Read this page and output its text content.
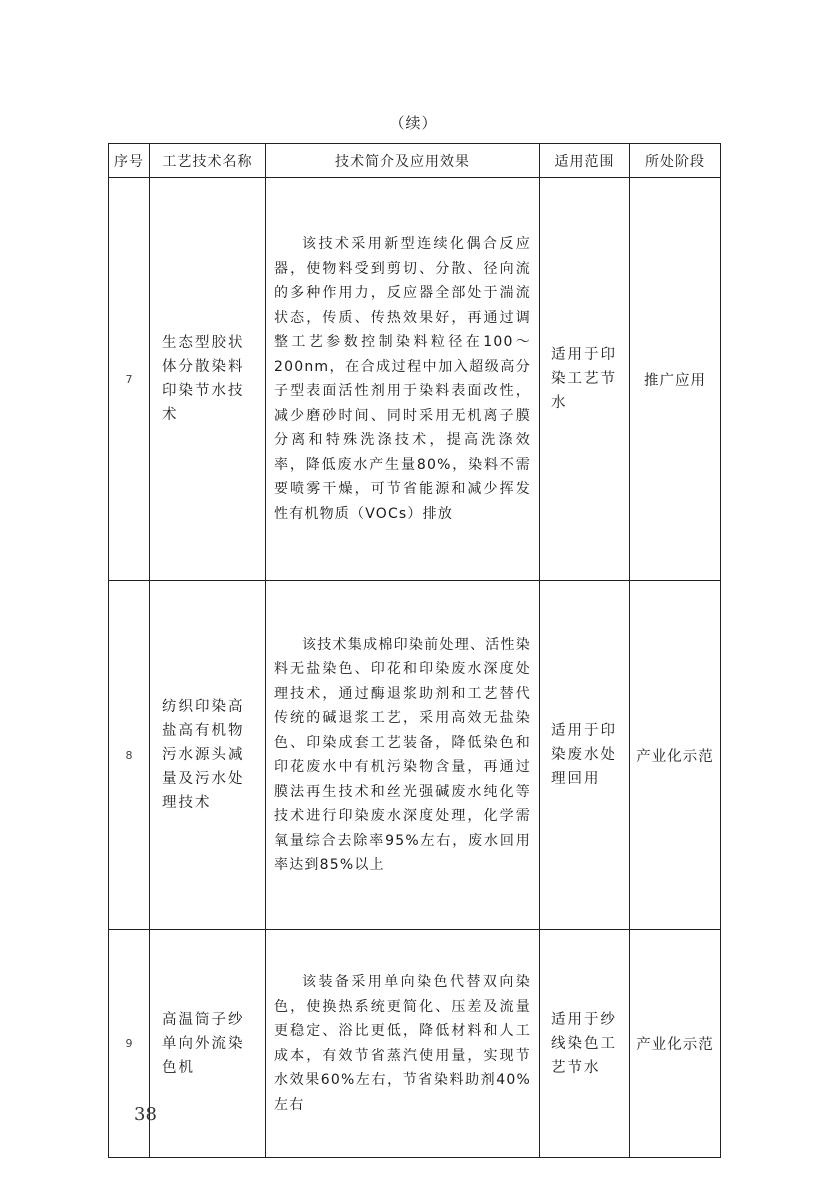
（续）
序号	工艺技术名称	技术简介及应用效果	适用范围	所处阶段
7	生态型胶状体分散染料印染节水技术	该技术采用新型连续化偶合反应器，使物料受到剪切、分散、径向流的多种作用力，反应器全部处于湍流状态，传质、传热效果好，再通过调整工艺参数控制染料粒径在100～200nm，在合成过程中加入超级高分子型表面活性剂用于染料表面改性，减少磨砂时间、同时采用无机离子膜分离和特殊洗涤技术，提高洗涤效率，降低废水产生量80%，染料不需要喷雾干燥，可节省能源和减少挥发性有机物质（VOCs）排放	适用于印染工艺节水	推广应用
8	纺织印染高盐高有机物污水源头减量及污水处理技术	该技术集成棉印染前处理、活性染料无盐染色、印花和印染废水深度处理技术，通过酶退浆助剂和工艺替代传统的碱退浆工艺，采用高效无盐染色、印染成套工艺装备，降低染色和印花废水中有机污染物含量，再通过膜法再生技术和丝光强碱废水纯化等技术进行印染废水深度处理，化学需氧量综合去除率95%左右，废水回用率达到85%以上	适用于印染废水处理回用	产业化示范
9	高温筒子纱单向外流染色机	该装备采用单向染色代替双向染色，使换热系统更简化、压差及流量更稳定、浴比更低，降低材料和人工成本，有效节省蒸汽使用量，实现节水效果60%左右，节省染料助剂40%左右	适用于纱线染色工艺节水	产业化示范
38
